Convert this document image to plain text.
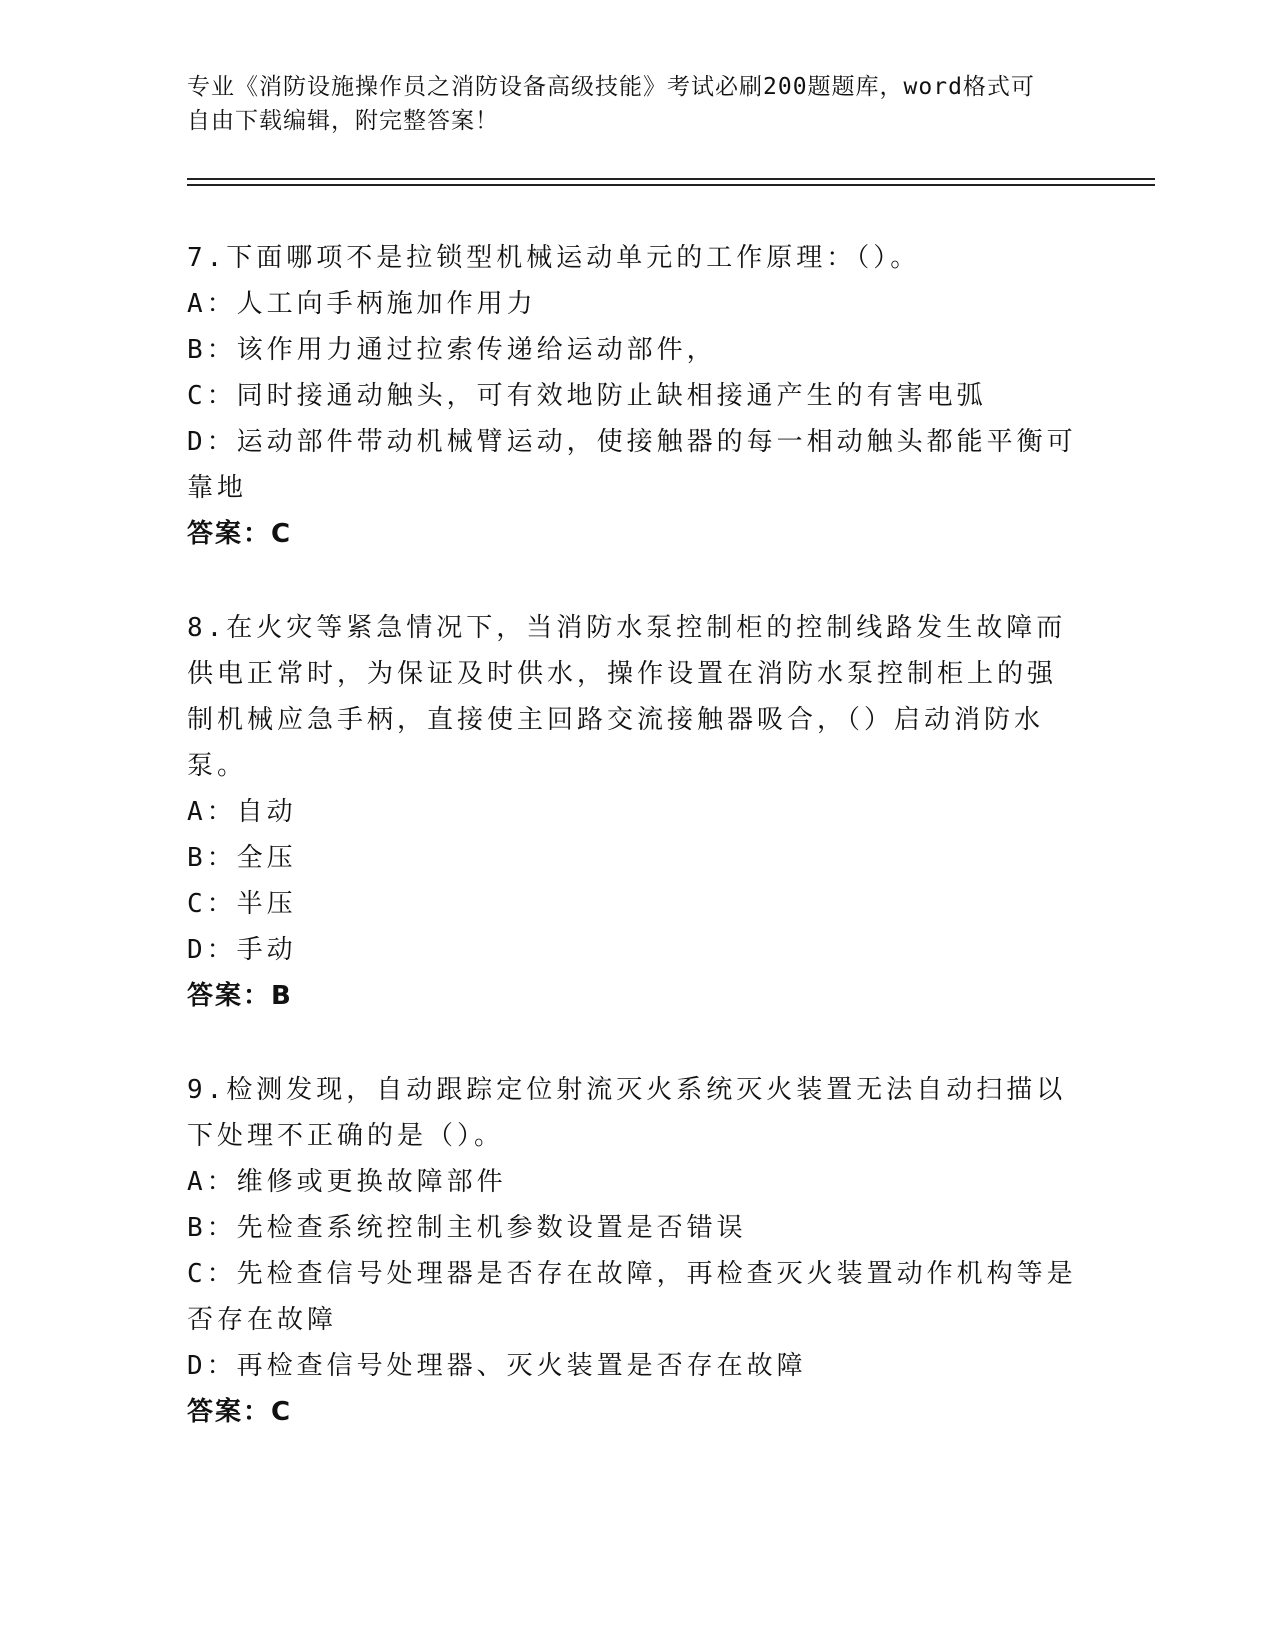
专业《消防设施操作员之消防设备高级技能》考试必刷200题题库，word格式可
自由下载编辑，附完整答案！

7.下面哪项不是拉锁型机械运动单元的工作原理：（）。

A：人工向手柄施加作用力

B：该作用力通过拉索传递给运动部件，

C：同时接通动触头，可有效地防止缺相接通产生的有害电弧

D：运动部件带动机械臂运动，使接触器的每一相动触头都能平衡可靠地

答案：C

8.在火灾等紧急情况下，当消防水泵控制柜的控制线路发生故障而供电正常时，为保证及时供水，操作设置在消防水泵控制柜上的强制机械应急手柄，直接使主回路交流接触器吸合，（）启动消防水泵。

A：自动

B：全压

C：半压

D：手动

答案：B

9.检测发现，自动跟踪定位射流灭火系统灭火装置无法自动扫描以下处理不正确的是（）。

A：维修或更换故障部件

B：先检查系统控制主机参数设置是否错误

C：先检查信号处理器是否存在故障，再检查灭火装置动作机构等是否存在故障

D：再检查信号处理器、灭火装置是否存在故障

答案：C
